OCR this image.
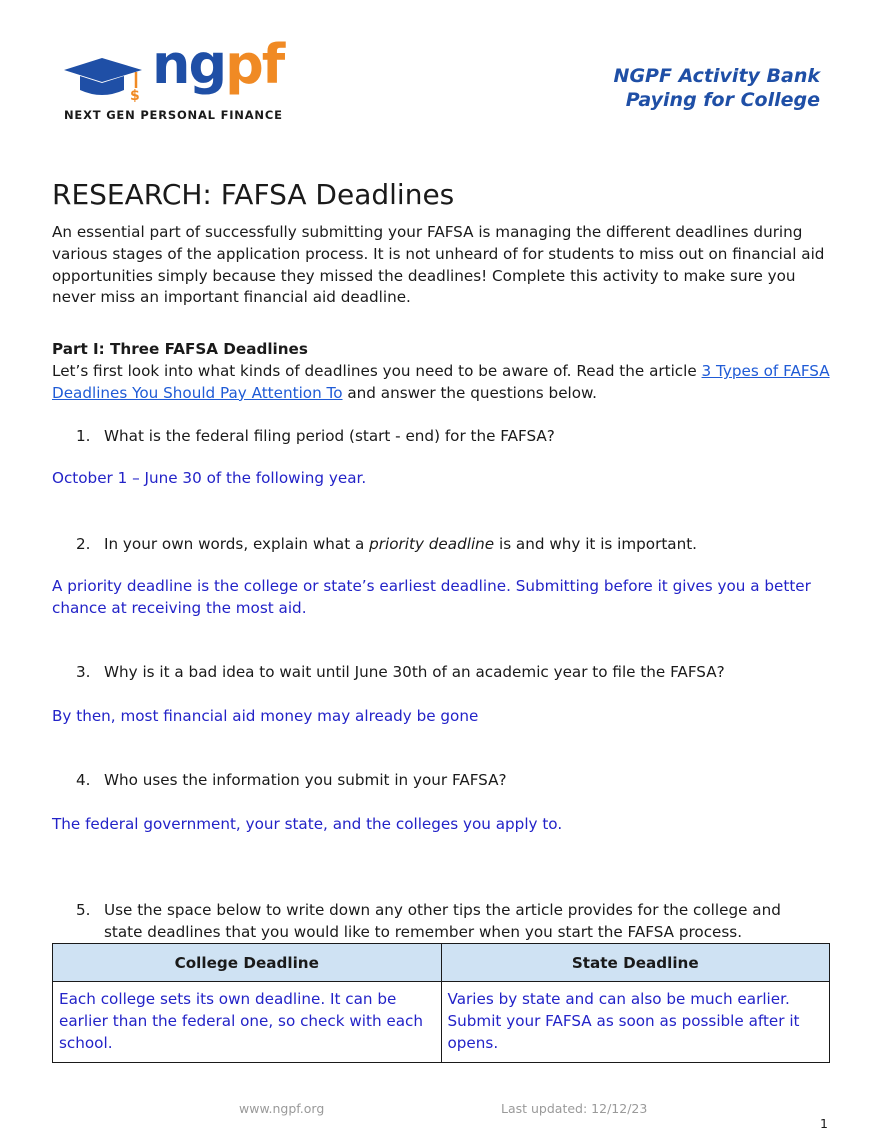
$ ngpf
NEXT GEN PERSONAL FINANCE
NGPF Activity Bank
Paying for College
RESEARCH: FAFSA Deadlines

An essential part of successfully submitting your FAFSA is managing the different deadlines during various stages of the application process. It is not unheard of for students to miss out on financial aid opportunities simply because they missed the deadlines! Complete this activity to make sure you never miss an important financial aid deadline.

Part I: Three FAFSA Deadlines

Let’s first look into what kinds of deadlines you need to be aware of. Read the article 3 Types of FAFSA Deadlines You Should Pay Attention To and answer the questions below.

1. What is the federal filing period (start - end) for the FAFSA?
October 1 – June 30 of the following year.
2. In your own words, explain what a priority deadline is and why it is important.
A priority deadline is the college or state’s earliest deadline. Submitting before it gives you a better chance at receiving the most aid.
3. Why is it a bad idea to wait until June 30th of an academic year to file the FAFSA?
By then, most financial aid money may already be gone
4. Who uses the information you submit in your FAFSA?
The federal government, your state, and the colleges you apply to.
5. Use the space below to write down any other tips the article provides for the college and state deadlines that you would like to remember when you start the FAFSA process.
College Deadline	State Deadline
Each college sets its own deadline. It can be earlier than the federal one, so check with each school.	Varies by state and can also be much earlier. Submit your FAFSA as soon as possible after it opens.
www.ngpf.org	Last updated: 12/12/23
1
